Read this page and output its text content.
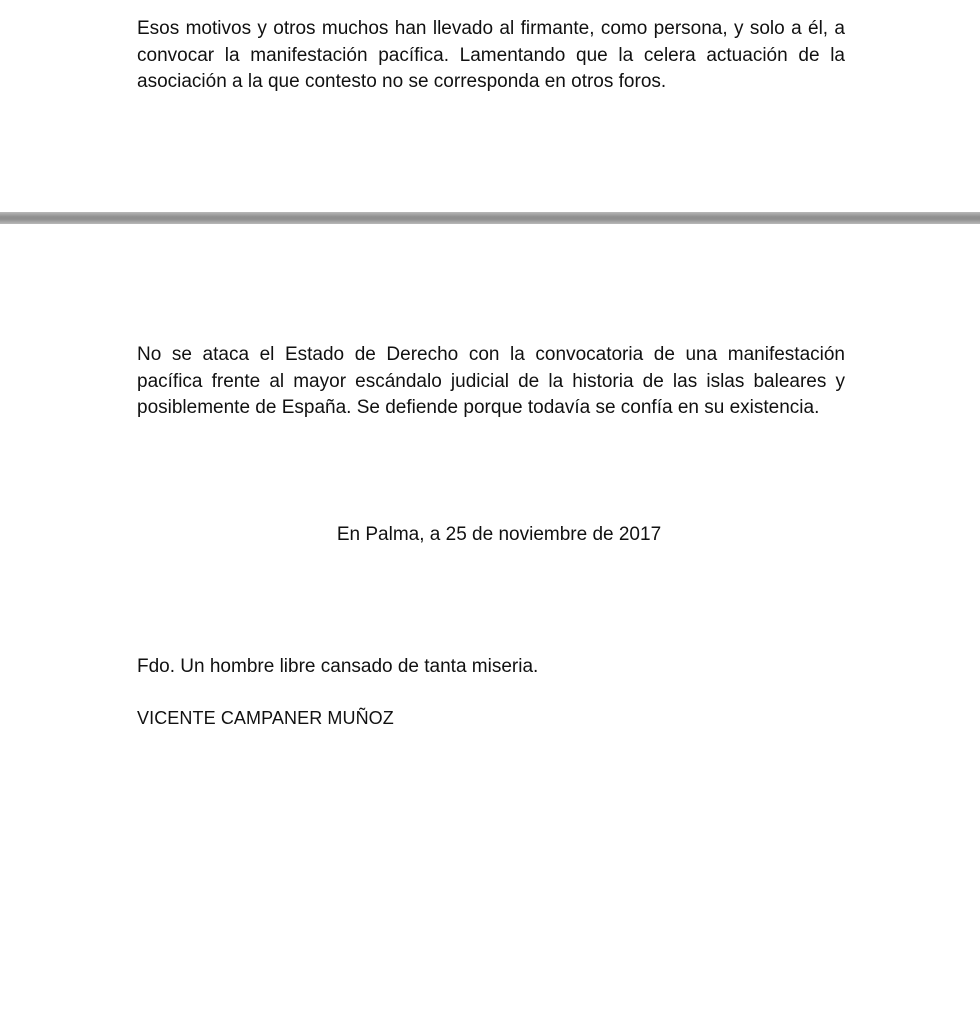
Esos motivos y otros muchos han llevado al firmante, como persona, y solo a él, a convocar la manifestación pacífica. Lamentando que la celera actuación de la asociación a la que contesto no se corresponda en otros foros.

No se ataca el Estado de Derecho con la convocatoria de una manifestación pacífica frente al mayor escándalo judicial de la historia de las islas baleares y posiblemente de España. Se defiende porque todavía se confía en su existencia.

En Palma, a 25 de noviembre de 2017

Fdo. Un hombre libre cansado de tanta miseria.

VICENTE CAMPANER MUÑOZ
